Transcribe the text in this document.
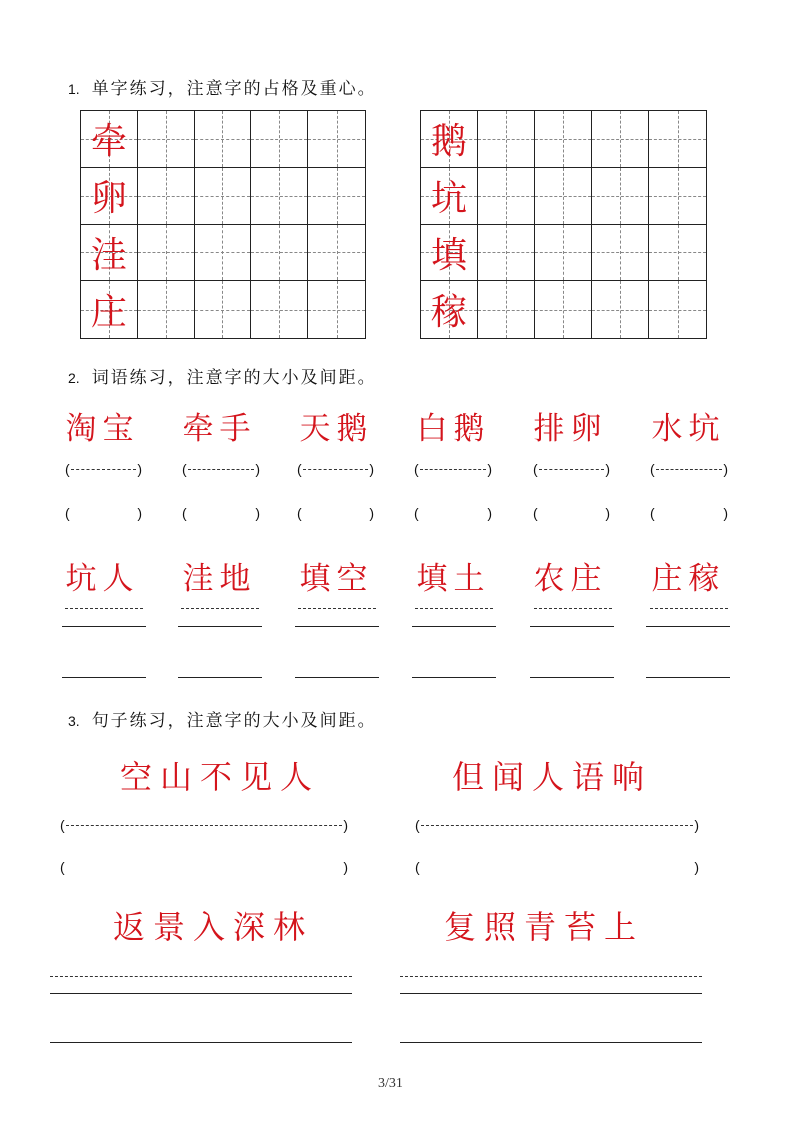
1. 单字练习，注意字的占格及重心。
牵
卵
洼
庄
鹅
坑
填
稼
2. 词语练习，注意字的大小及间距。
淘宝	牵手	天鹅	白鹅	排卵	水坑
(	)	(	)	(	)	(	)	(	)	(	)
(	)	(	)	(	)	(	)	(	)	(	)
坑人	洼地	填空	填土	农庄	庄稼
3. 句子练习，注意字的大小及间距。
空山不见人	但闻人语响
(	)	(	)
(	)	(	)
返景入深林	复照青苔上
3/31
